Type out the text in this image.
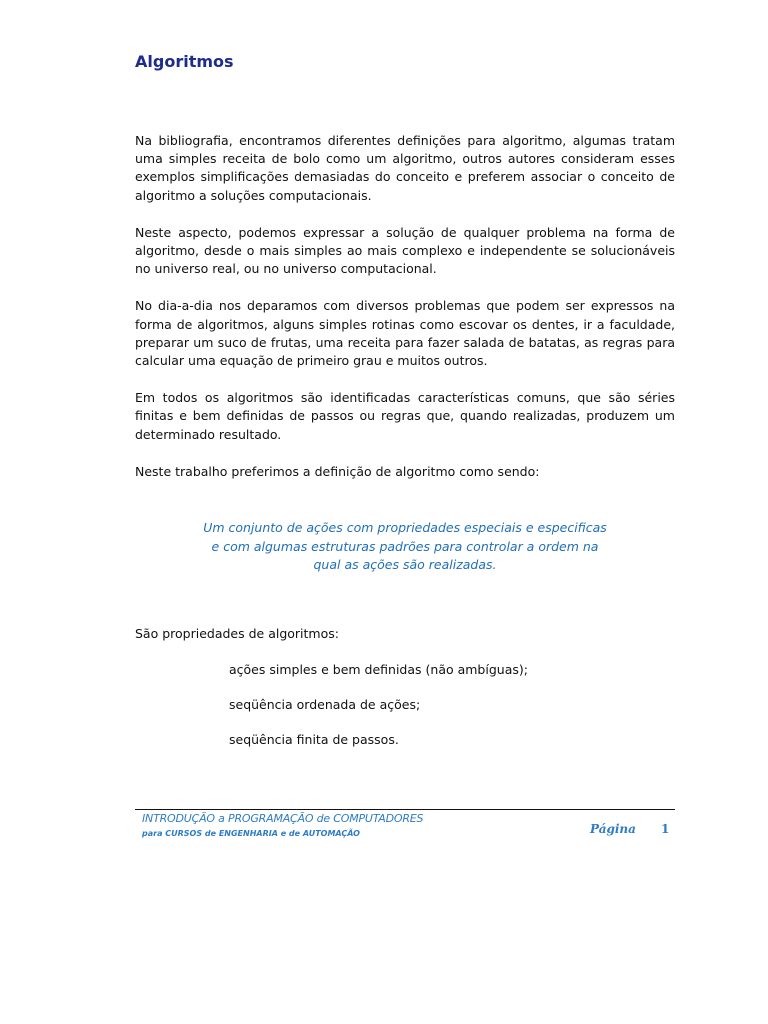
Algoritmos

Na bibliografia, encontramos diferentes definições para algoritmo, algumas tratam uma simples receita de bolo como um algoritmo, outros autores consideram esses exemplos simplificações demasiadas do conceito e preferem associar o conceito de algoritmo a soluções computacionais.

Neste aspecto, podemos expressar a solução de qualquer problema na forma de algoritmo, desde o mais simples ao mais complexo e independente se solucionáveis no universo real, ou no universo computacional.

No dia-a-dia nos deparamos com diversos problemas que podem ser expressos na forma de algoritmos, alguns simples rotinas como escovar os dentes, ir a faculdade, preparar um suco de frutas, uma receita para fazer salada de batatas, as regras para calcular uma equação de primeiro grau e muitos outros.

Em todos os algoritmos são identificadas características comuns, que são séries finitas e bem definidas de passos ou regras que, quando realizadas, produzem um determinado resultado.

Neste trabalho preferimos a definição de algoritmo como sendo:

Um conjunto de ações com propriedades especiais e especificas
e com algumas estruturas padrões para controlar a ordem na
qual as ações são realizadas.

São propriedades de algoritmos:

ações simples e bem definidas (não ambíguas);
seqüência ordenada de ações;
seqüência finita de passos.

INTRODUÇÃO a PROGRAMAÇÃO de COMPUTADORES

para CURSOS de ENGENHARIA e de AUTOMAÇÃO	Página 1
